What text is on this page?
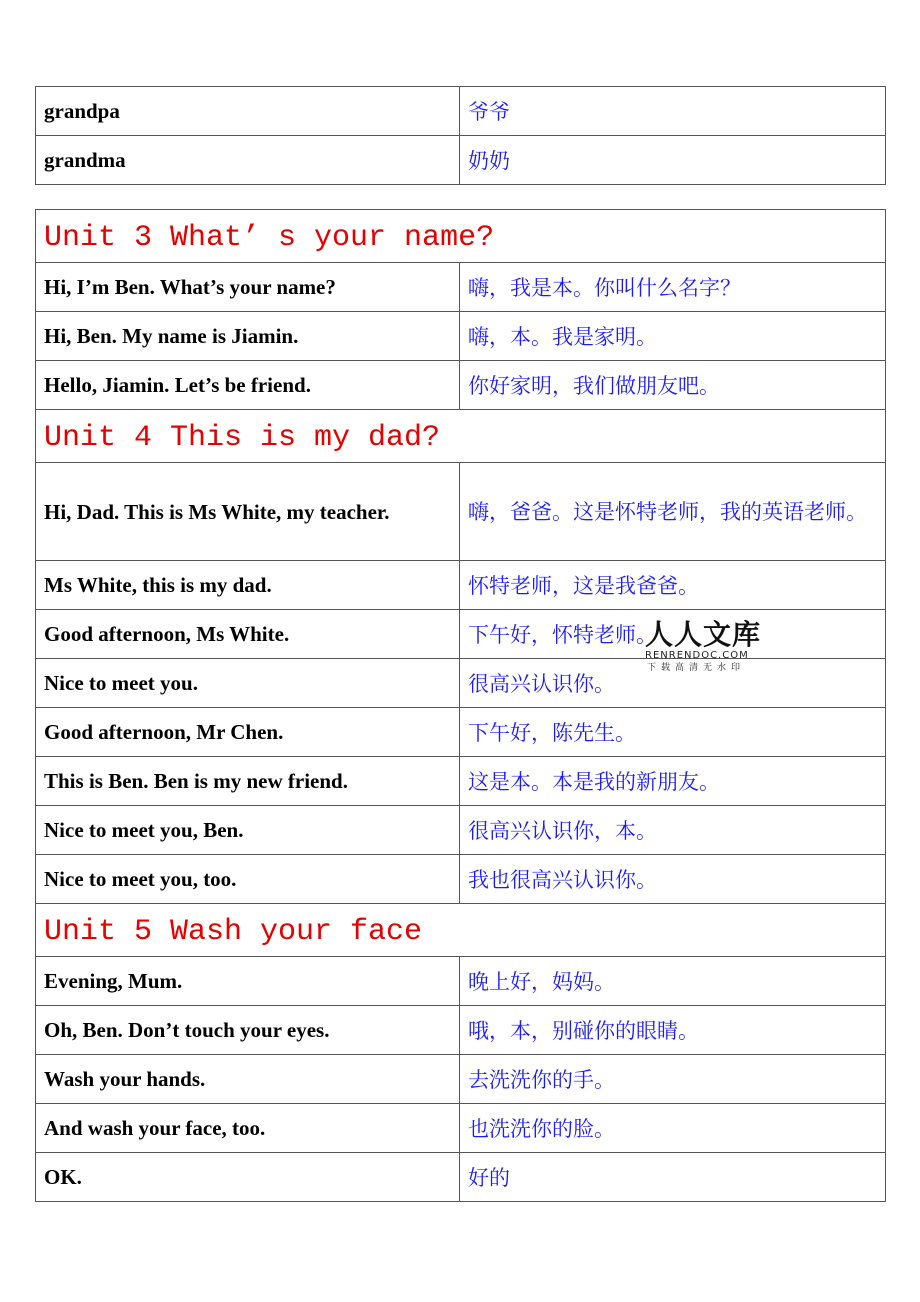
grandpa	爷爷
grandma	奶奶
Unit 3 What’ s your name?	

Hi, I’m Ben. What’s your name?	嗨，我是本。你叫什么名字？
Hi, Ben. My name is Jiamin.	嗨，本。我是家明。
Hello, Jiamin. Let’s be friend.	你好家明，我们做朋友吧。

Unit 4 This is my dad?	

Hi, Dad. This is Ms White, my teacher.	嗨，爸爸。这是怀特老师，我的英语老师。
Ms White, this is my dad.	怀特老师，这是我爸爸。
Good afternoon, Ms White.	下午好，怀特老师。
Nice to meet you.	很高兴认识你。
Good afternoon, Mr Chen.	下午好，陈先生。
This is Ben. Ben is my new friend.	这是本。本是我的新朋友。
Nice to meet you, Ben.	很高兴认识你，本。
Nice to meet you, too.	我也很高兴认识你。

Unit 5 Wash your face	

Evening, Mum.	晚上好，妈妈。
Oh, Ben. Don’t touch your eyes.	哦，本，别碰你的眼睛。
Wash your hands.	去洗洗你的手。
And wash your face, too.	也洗洗你的脸。
OK.	好的
人人文库
RENRENDOC.COM
下载高清无水印
